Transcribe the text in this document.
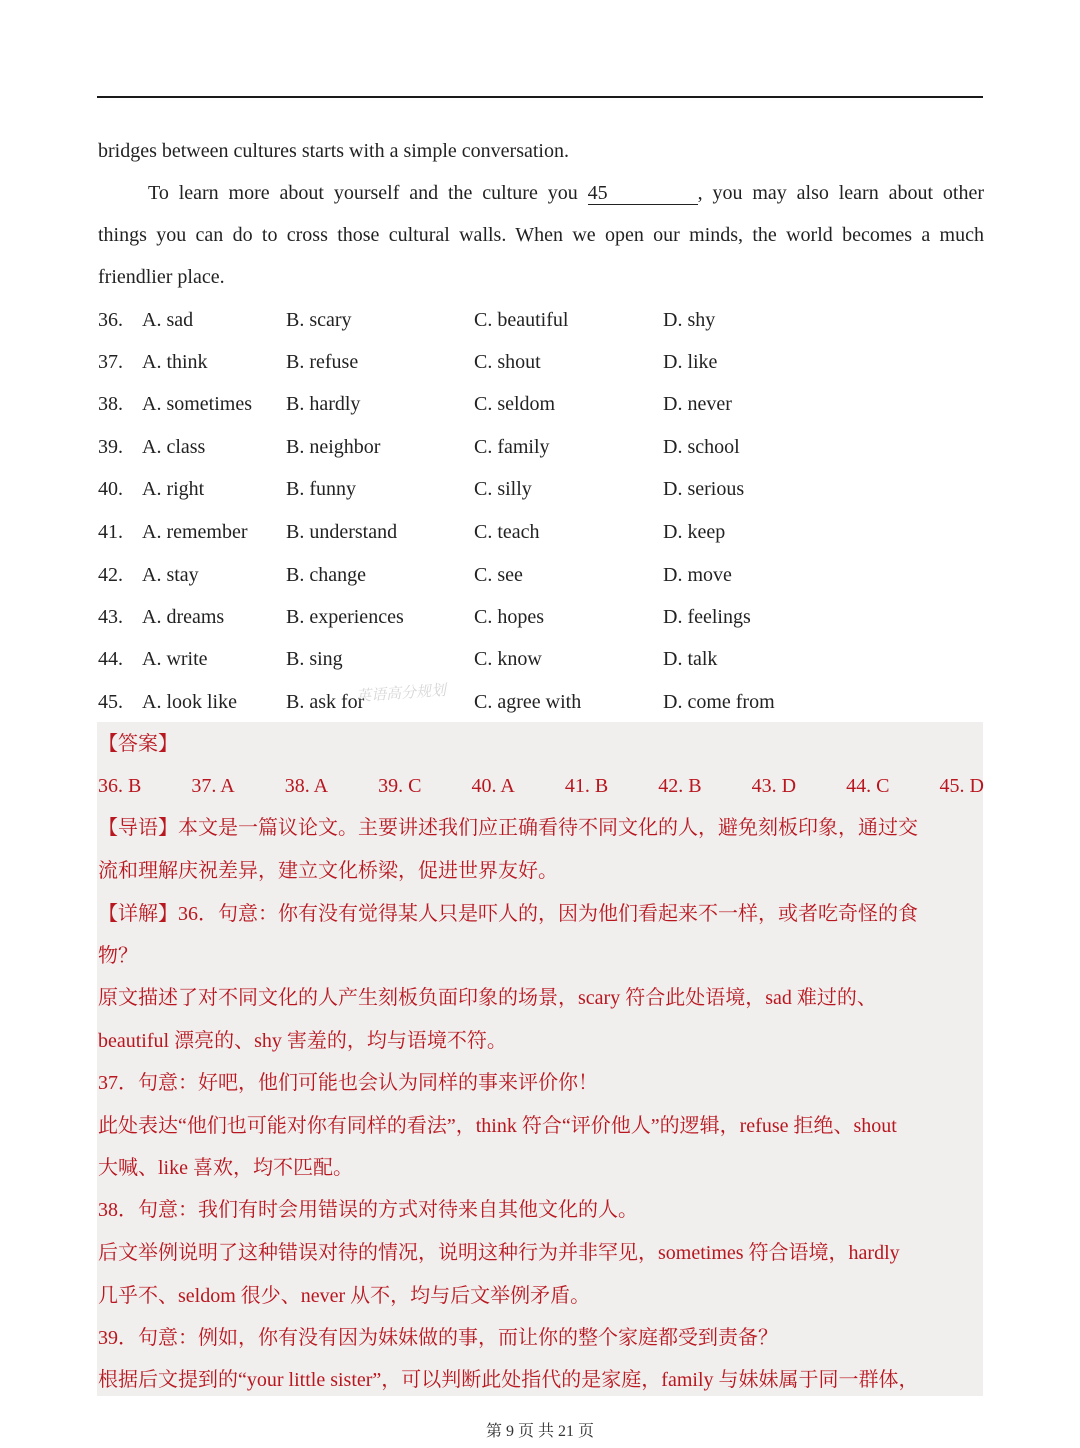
bridges between cultures starts with a simple conversation.
To learn more about yourself and the culture you 45	, you may also learn about other
things you can do to cross those cultural walls. When we open our minds, the world becomes a much
friendlier place.
36. A. sad	B. scary	C. beautiful	D. shy
37. A. think	B. refuse	C. shout	D. like
38. A. sometimes B. hardly	C. seldom	D. never
39. A. class	B. neighbor	C. family	D. school
40. A. right	B. funny	C. silly	D. serious
41. A. remember B. understand	C. teach	D. keep
42. A. stay	B. change	C. see	D. move
43. A. dreams	B. experiences	C. hopes	D. feelings
44. A. write	B. sing	C. know	D. talk
45. A. look like B. ask for	C. agree with	D. come from
英语高分规划
【答案】
36. B	37. A	38. A	39. C	40. A	41. B	42. B	43. D	44. C	45. D
【导语】本文是一篇议论文。主要讲述我们应正确看待不同文化的人，避免刻板印象，通过交
流和理解庆祝差异，建立文化桥梁，促进世界友好。
【详解】36．句意：你有没有觉得某人只是吓人的，因为他们看起来不一样，或者吃奇怪的食
物？
原文描述了对不同文化的人产生刻板负面印象的场景，scary 符合此处语境，sad 难过的、
beautiful 漂亮的、shy 害羞的，均与语境不符。
37．句意：好吧，他们可能也会认为同样的事来评价你！
此处表达“他们也可能对你有同样的看法”，think 符合“评价他人”的逻辑，refuse 拒绝、shout
大喊、like 喜欢，均不匹配。
38．句意：我们有时会用错误的方式对待来自其他文化的人。
后文举例说明了这种错误对待的情况，说明这种行为并非罕见，sometimes 符合语境，hardly
几乎不、seldom 很少、never 从不，均与后文举例矛盾。
39．句意：例如，你有没有因为妹妹做的事，而让你的整个家庭都受到责备？
根据后文提到的“your little sister”，可以判断此处指代的是家庭，family 与妹妹属于同一群体，
第 9 页 共 21 页
